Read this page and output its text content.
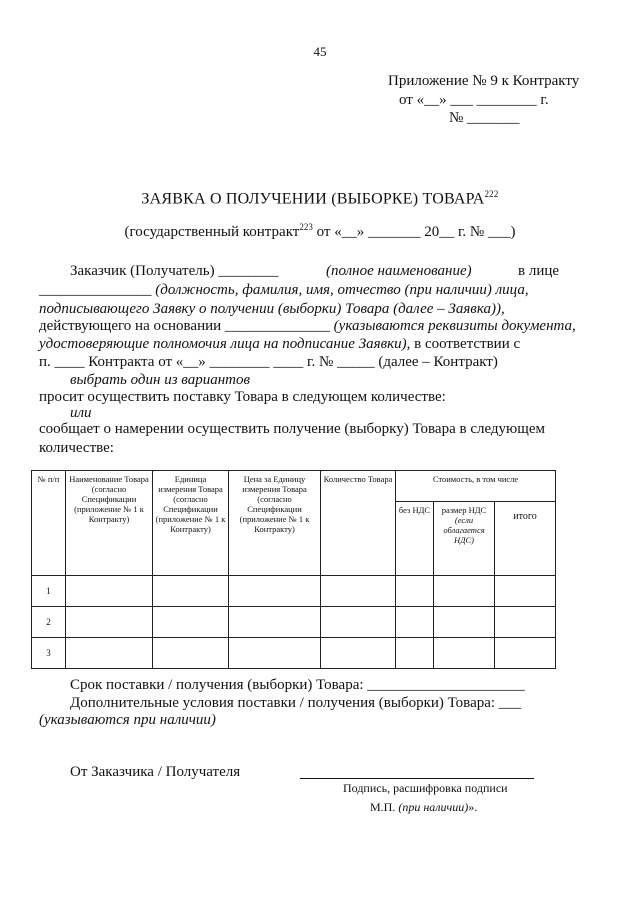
45
Приложение № 9 к Контракту
от «__» ___ ________ г.
№ _______
ЗАЯВКА О ПОЛУЧЕНИИ (ВЫБОРКЕ) ТОВАРА$^{222}$
(государственный контракт$^{223}$ от «__» _______ 20__ г. № ___)
Заказчик (Получатель) ________	(полное наименование)	в лице
_______________ (должность, фамилия, имя, отчество (при наличии) лица,
подписывающего Заявку о получении (выборки) Товара (далее – Заявка)),
действующего на основании ______________ (указываются реквизиты документа,
удостоверяющие полномочия лица на подписание Заявки), в соответствии с
п. ____ Контракта от «__» ________ ____ г. № _____ (далее – Контракт)
выбрать один из вариантов
просит осуществить поставку Товара в следующем количестве:
или
сообщает о намерении осуществить получение (выборку) Товара в следующем
количестве:
№ п/п	Наименование Товара (согласно Спецификации (приложение № 1 к Контракту)	Единица измерения Товара (согласно Спецификации (приложение № 1 к Контракту)	Цена за Единицу измерения Товара (согласно Спецификации (приложение № 1 к Контракту)	Количество Товара	Стоимость, в том числе		
					без НДС	размер НДС
(если облагается НДС)	итого
1							
2							
3							
Срок поставки / получения (выборки) Товара: _____________________
Дополнительные условия поставки / получения (выборки) Товара: ___
(указываются при наличии)
От Заказчика / Получателя
Подпись, расшифровка подписи
М.П. (при наличии)».
